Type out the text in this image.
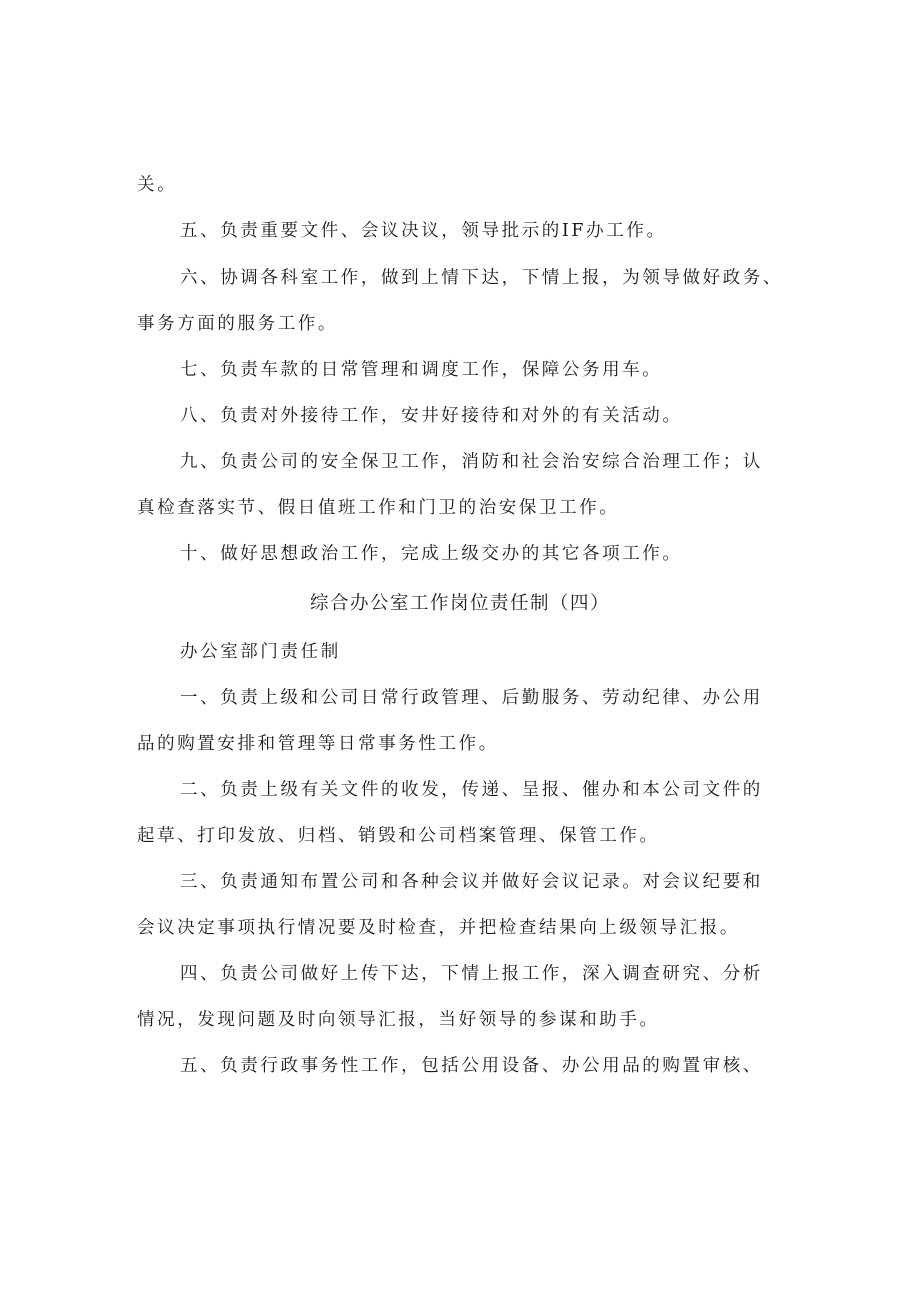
关。

五、负责重要文件、会议决议，领导批示的IF办工作。

六、协调各科室工作，做到上情下达，下情上报，为领导做好政务、

事务方面的服务工作。

七、负责车款的日常管理和调度工作，保障公务用车。

八、负责对外接待工作，安井好接待和对外的有关活动。

九、负责公司的安全保卫工作，消防和社会治安综合治理工作；认

真检查落实节、假日值班工作和门卫的治安保卫工作。

十、做好思想政治工作，完成上级交办的其它各项工作。

综合办公室工作岗位责任制（四）

办公室部门责任制

一、负责上级和公司日常行政管理、后勤服务、劳动纪律、办公用

品的购置安排和管理等日常事务性工作。

二、负责上级有关文件的收发，传递、呈报、催办和本公司文件的

起草、打印发放、归档、销毁和公司档案管理、保管工作。

三、负责通知布置公司和各种会议并做好会议记录。对会议纪要和

会议决定事项执行情况要及时检查，并把检查结果向上级领导汇报。

四、负责公司做好上传下达，下情上报工作，深入调查研究、分析

情况，发现问题及时向领导汇报，当好领导的参谋和助手。

五、负责行政事务性工作，包括公用设备、办公用品的购置审核、
